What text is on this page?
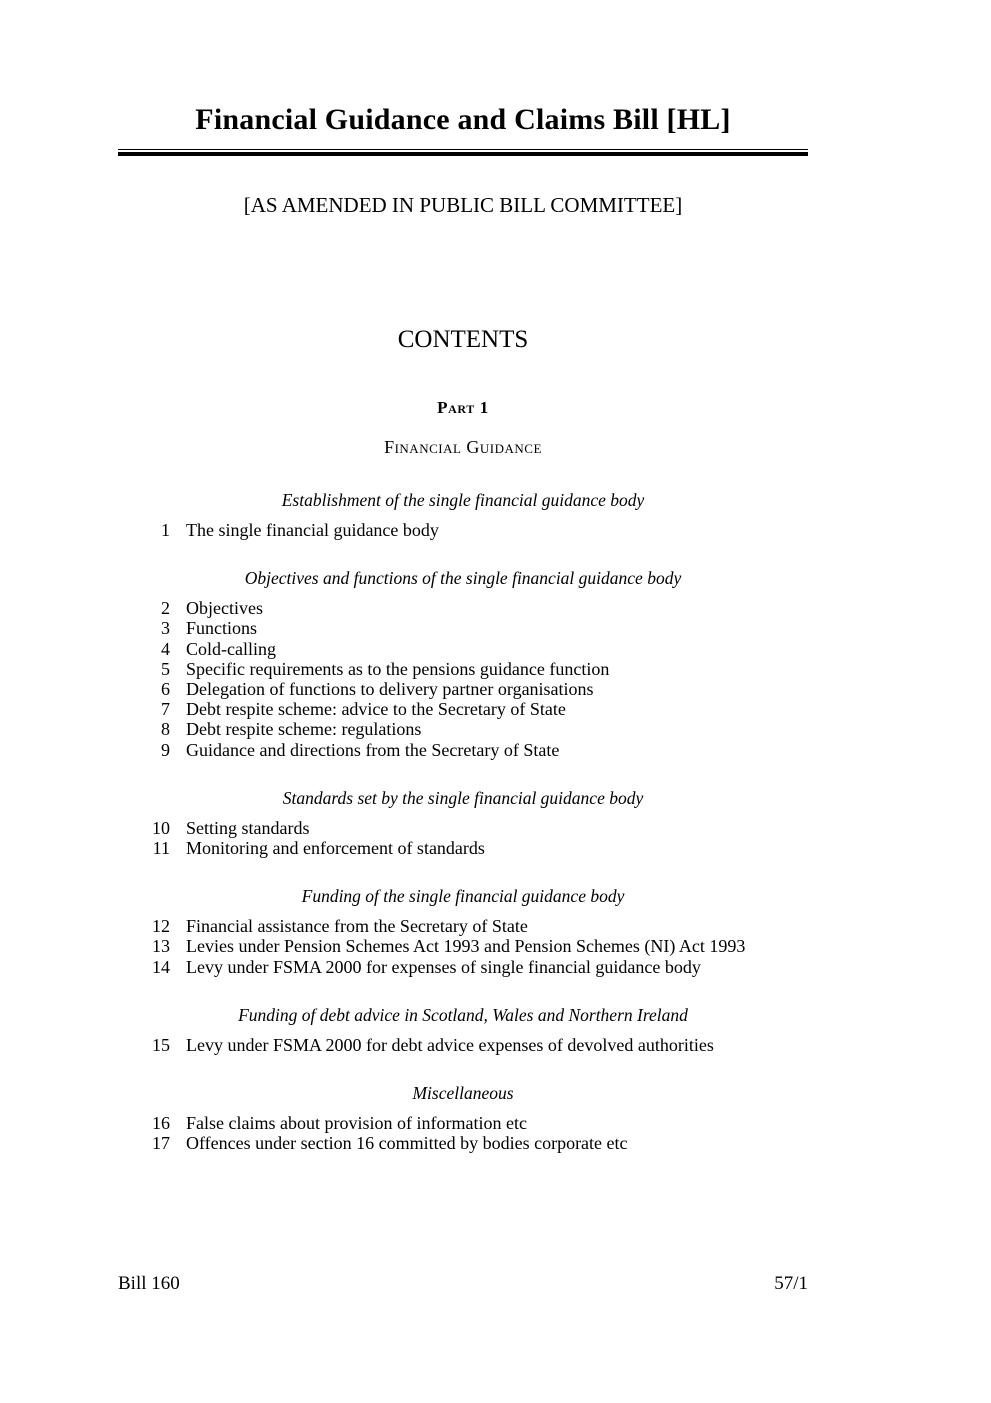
Financial Guidance and Claims Bill [HL]
[AS AMENDED IN PUBLIC BILL COMMITTEE]
CONTENTS
Part 1
Financial Guidance
Establishment of the single financial guidance body
1 The single financial guidance body
Objectives and functions of the single financial guidance body
2 Objectives
3 Functions
4 Cold-calling
5 Specific requirements as to the pensions guidance function
6 Delegation of functions to delivery partner organisations
7 Debt respite scheme: advice to the Secretary of State
8 Debt respite scheme: regulations
9 Guidance and directions from the Secretary of State
Standards set by the single financial guidance body
10 Setting standards
11 Monitoring and enforcement of standards
Funding of the single financial guidance body
12 Financial assistance from the Secretary of State
13 Levies under Pension Schemes Act 1993 and Pension Schemes (NI) Act 1993
14 Levy under FSMA 2000 for expenses of single financial guidance body
Funding of debt advice in Scotland, Wales and Northern Ireland
15 Levy under FSMA 2000 for debt advice expenses of devolved authorities
Miscellaneous
16 False claims about provision of information etc
17 Offences under section 16 committed by bodies corporate etc
Bill 160	57/1
